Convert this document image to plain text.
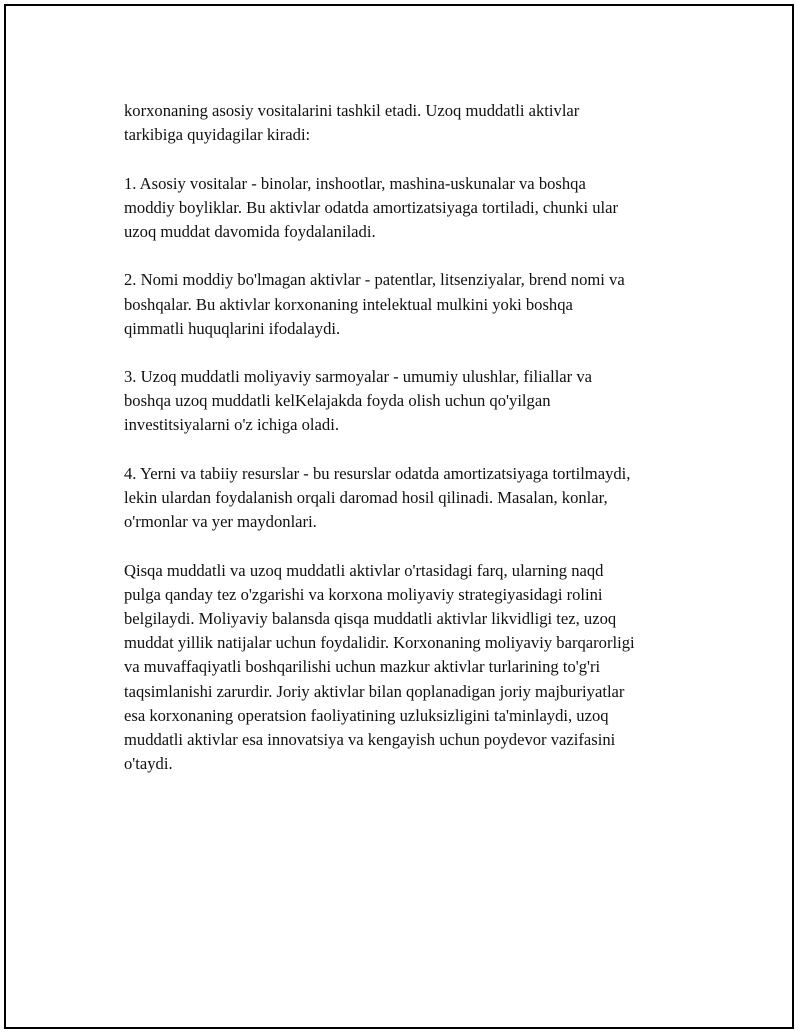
korxonaning asosiy vositalarini tashkil etadi. Uzoq muddatli aktivlar
tarkibiga quyidagilar kiradi:
1. Asosiy vositalar - binolar, inshootlar, mashina-uskunalar va boshqa
moddiy boyliklar. Bu aktivlar odatda amortizatsiyaga tortiladi, chunki ular
uzoq muddat davomida foydalaniladi.
2. Nomi moddiy bo'lmagan aktivlar - patentlar, litsenziyalar, brend nomi va
boshqalar. Bu aktivlar korxonaning intelektual mulkini yoki boshqa
qimmatli huquqlarini ifodalaydi.
3. Uzoq muddatli moliyaviy sarmoyalar - umumiy ulushlar, filiallar va
boshqa uzoq muddatli kelKelajakda foyda olish uchun qo'yilgan
investitsiyalarni o'z ichiga oladi.
4. Yerni va tabiiy resurslar - bu resurslar odatda amortizatsiyaga tortilmaydi,
lekin ulardan foydalanish orqali daromad hosil qilinadi. Masalan, konlar,
o'rmonlar va yer maydonlari.
Qisqa muddatli va uzoq muddatli aktivlar o'rtasidagi farq, ularning naqd
pulga qanday tez o'zgarishi va korxona moliyaviy strategiyasidagi rolini
belgilaydi. Moliyaviy balansda qisqa muddatli aktivlar likvidligi tez, uzoq
muddat yillik natijalar uchun foydalidir. Korxonaning moliyaviy barqarorligi
va muvaffaqiyatli boshqarilishi uchun mazkur aktivlar turlarining to'g'ri
taqsimlanishi zarurdir. Joriy aktivlar bilan qoplanadigan joriy majburiyatlar
esa korxonaning operatsion faoliyatining uzluksizligini ta'minlaydi, uzoq
muddatli aktivlar esa innovatsiya va kengayish uchun poydevor vazifasini
o'taydi.
